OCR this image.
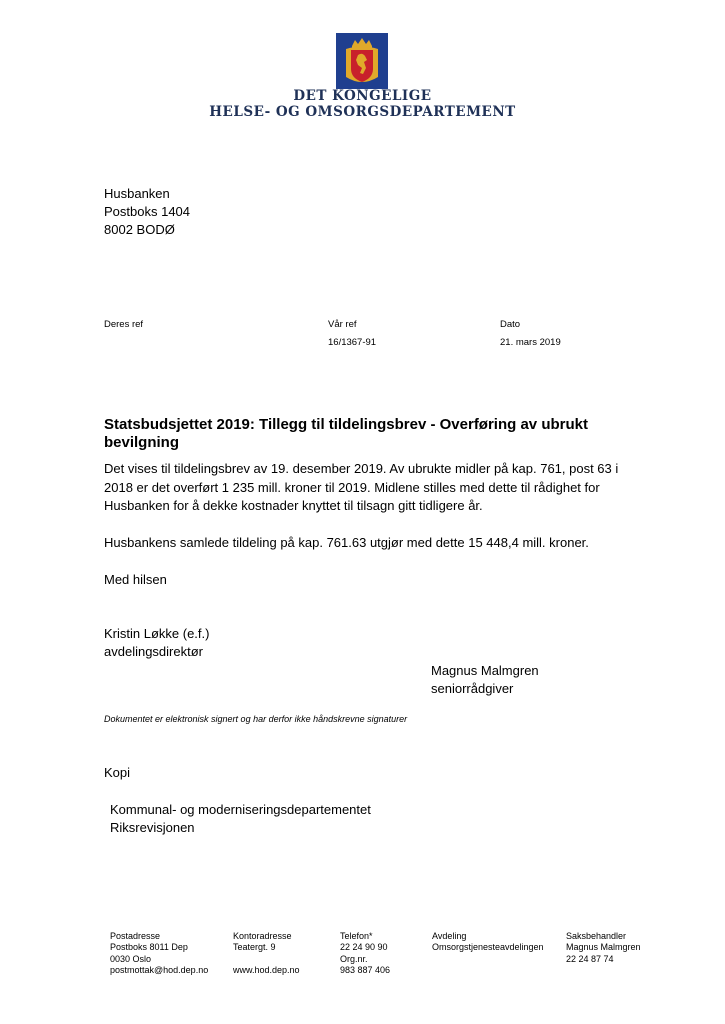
DET KONGELIGE
HELSE- OG OMSORGSDEPARTEMENT
Husbanken
Postboks 1404
8002 BODØ
Deres ref	Vår ref
16/1367-91
Dato
21. mars 2019
Statsbudsjettet 2019: Tillegg til tildelingsbrev - Overføring av ubrukt bevilgning
Det vises til tildelingsbrev av 19. desember 2019. Av ubrukte midler på kap. 761, post 63 i 2018 er det overført 1 235 mill. kroner til 2019. Midlene stilles med dette til rådighet for Husbanken for å dekke kostnader knyttet til tilsagn gitt tidligere år.
Husbankens samlede tildeling på kap. 761.63 utgjør med dette 15 448,4 mill. kroner.
Med hilsen
Kristin Løkke (e.f.)
avdelingsdirektør
Magnus Malmgren
seniorrådgiver
Dokumentet er elektronisk signert og har derfor ikke håndskrevne signaturer
Kopi
Kommunal- og moderniseringsdepartementet
Riksrevisjonen
Postadresse
Postboks 8011 Dep
0030 Oslo
postmottak@hod.dep.no
Kontoradresse
Teatergt. 9
www.hod.dep.no
Telefon*
22 24 90 90
Org.nr.
983 887 406
Avdeling
Omsorgstjenesteavdelingen
Saksbehandler
Magnus Malmgren
22 24 87 74
